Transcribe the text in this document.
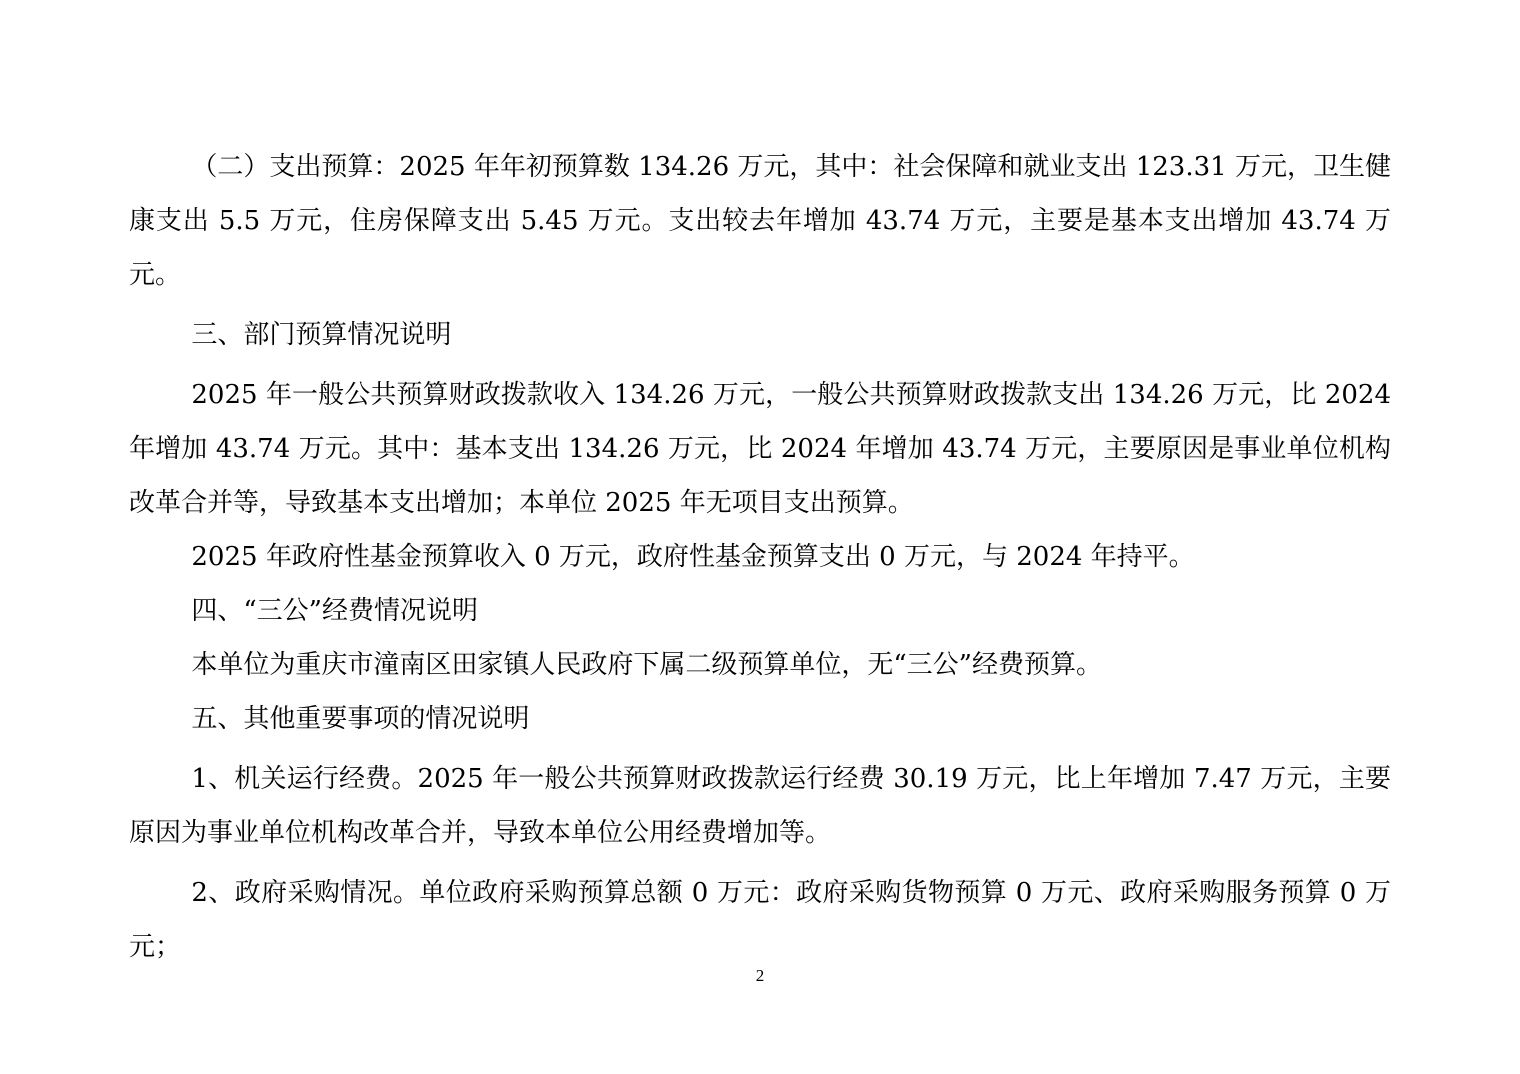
（二）支出预算：2025 年年初预算数 134.26 万元，其中：社会保障和就业支出 123.31 万元，卫生健康支出 5.5 万元，住房保障支出 5.45 万元。支出较去年增加 43.74 万元，主要是基本支出增加 43.74 万元。

三、部门预算情况说明

2025 年一般公共预算财政拨款收入 134.26 万元，一般公共预算财政拨款支出 134.26 万元，比 2024 年增加 43.74 万元。其中：基本支出 134.26 万元，比 2024 年增加 43.74 万元，主要原因是事业单位机构改革合并等，导致基本支出增加；本单位 2025 年无项目支出预算。

2025 年政府性基金预算收入 0 万元，政府性基金预算支出 0 万元，与 2024 年持平。

四、“三公”经费情况说明

本单位为重庆市潼南区田家镇人民政府下属二级预算单位，无“三公”经费预算。

五、其他重要事项的情况说明

1、机关运行经费。2025 年一般公共预算财政拨款运行经费 30.19 万元，比上年增加 7.47 万元，主要原因为事业单位机构改革合并，导致本单位公用经费增加等。

2、政府采购情况。单位政府采购预算总额 0 万元：政府采购货物预算 0 万元、政府采购服务预算 0 万元；

2
